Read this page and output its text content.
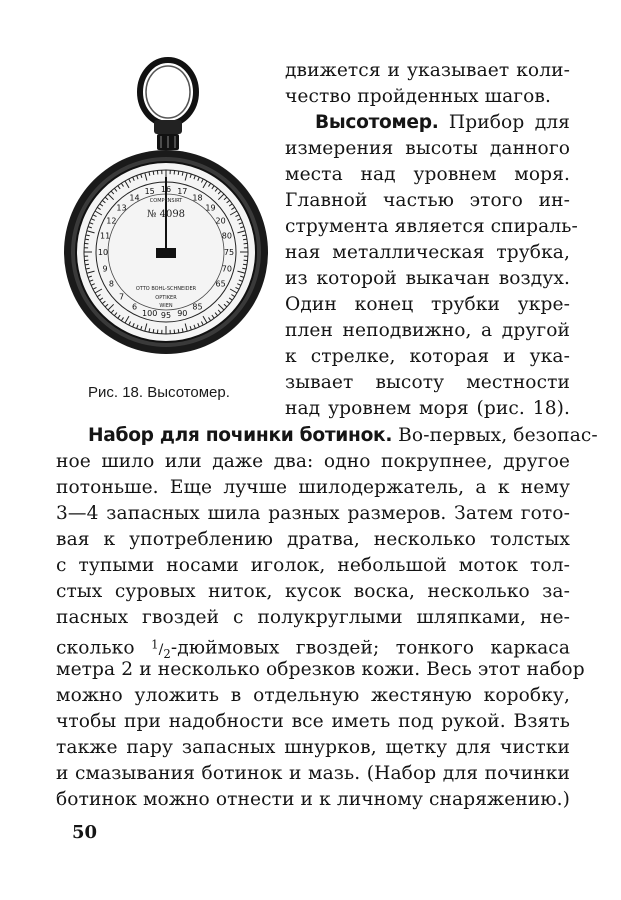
COMPENSIRT
№ 4098
OTTO BOHL-SCHNEIDER
OPTIKER
WIEN
14
15 16 17
18
13
12
11
19
10
20
9
8
7
6	85
90
95
100
65
70
75
80
Рис. 18. Высотомер.
движется и указывает коли-
чество пройденных шагов.
Высотомер. Прибор для
измерения высоты данного
места над уровнем моря.
Главной частью этого ин-
струмента является спираль-
ная металлическая трубка,
из которой выкачан воздух.
Один конец трубки укре-
плен неподвижно, а другой
к стрелке, которая и ука-
зывает высоту местности
над уровнем моря (рис. 18).
Набор для починки ботинок. Во-первых, безопас-
ное шило или даже два: одно покрупнее, другое
потоньше. Еще лучше шилодержатель, а к нему
3—4 запасных шила разных размеров. Затем гото-
вая к употреблению дратва, несколько толстых
с тупыми носами иголок, небольшой моток тол-
стых суровых ниток, кусок воска, несколько за-
пасных гвоздей с полукруглыми шляпками, не-
сколько $^1/_2$-дюймовых гвоздей; тонкого каркаса
метра 2 и несколько обрезков кожи. Весь этот набор
можно уложить в отдельную жестяную коробку,
чтобы при надобности все иметь под рукой. Взять
также пару запасных шнурков, щетку для чистки
и смазывания ботинок и мазь. (Набор для починки
ботинок можно отнести и к личному снаряжению.)
50
